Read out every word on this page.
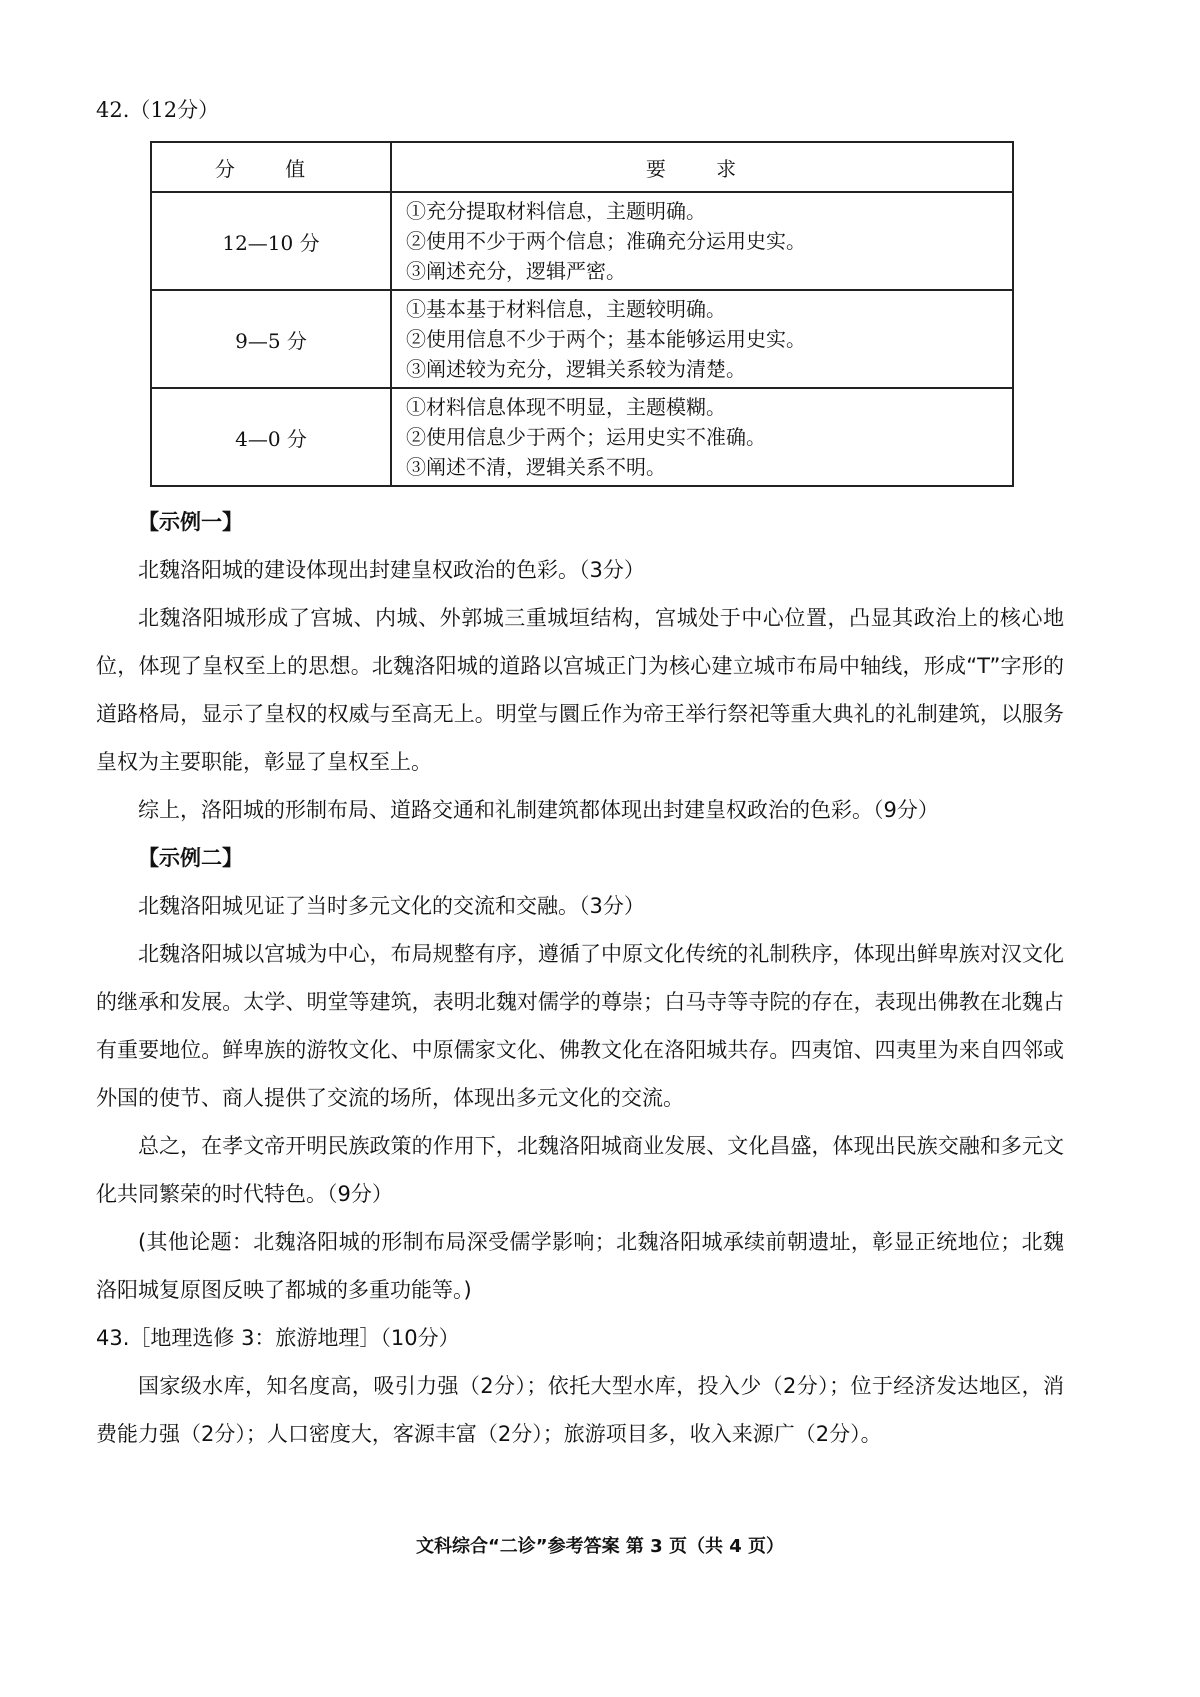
42.（12分）
分 值	要 求
12—10 分	①充分提取材料信息，主题明确。
②使用不少于两个信息；准确充分运用史实。
③阐述充分，逻辑严密。

9—5 分	①基本基于材料信息，主题较明确。
②使用信息不少于两个；基本能够运用史实。
③阐述较为充分，逻辑关系较为清楚。

4—0 分	①材料信息体现不明显，主题模糊。
②使用信息少于两个；运用史实不准确。
③阐述不清，逻辑关系不明。

【示例一】

北魏洛阳城的建设体现出封建皇权政治的色彩。（3分）

北魏洛阳城形成了宫城、内城、外郭城三重城垣结构，宫城处于中心位置，凸显其政治上的核心地位，体现了皇权至上的思想。北魏洛阳城的道路以宫城正门为核心建立城市布局中轴线，形成“T”字形的道路格局，显示了皇权的权威与至高无上。明堂与圜丘作为帝王举行祭祀等重大典礼的礼制建筑，以服务皇权为主要职能，彰显了皇权至上。

综上，洛阳城的形制布局、道路交通和礼制建筑都体现出封建皇权政治的色彩。（9分）

【示例二】

北魏洛阳城见证了当时多元文化的交流和交融。（3分）

北魏洛阳城以宫城为中心，布局规整有序，遵循了中原文化传统的礼制秩序，体现出鲜卑族对汉文化的继承和发展。太学、明堂等建筑，表明北魏对儒学的尊崇；白马寺等寺院的存在，表现出佛教在北魏占有重要地位。鲜卑族的游牧文化、中原儒家文化、佛教文化在洛阳城共存。四夷馆、四夷里为来自四邻或外国的使节、商人提供了交流的场所，体现出多元文化的交流。

总之，在孝文帝开明民族政策的作用下，北魏洛阳城商业发展、文化昌盛，体现出民族交融和多元文化共同繁荣的时代特色。（9分）

(其他论题：北魏洛阳城的形制布局深受儒学影响；北魏洛阳城承续前朝遗址，彰显正统地位；北魏洛阳城复原图反映了都城的多重功能等。)

43.［地理选修 3：旅游地理］（10分）

国家级水库，知名度高，吸引力强（2分）；依托大型水库，投入少（2分）；位于经济发达地区，消费能力强（2分）；人口密度大，客源丰富（2分）；旅游项目多，收入来源广（2分）。

文科综合“二诊”参考答案 第 3 页（共 4 页）
